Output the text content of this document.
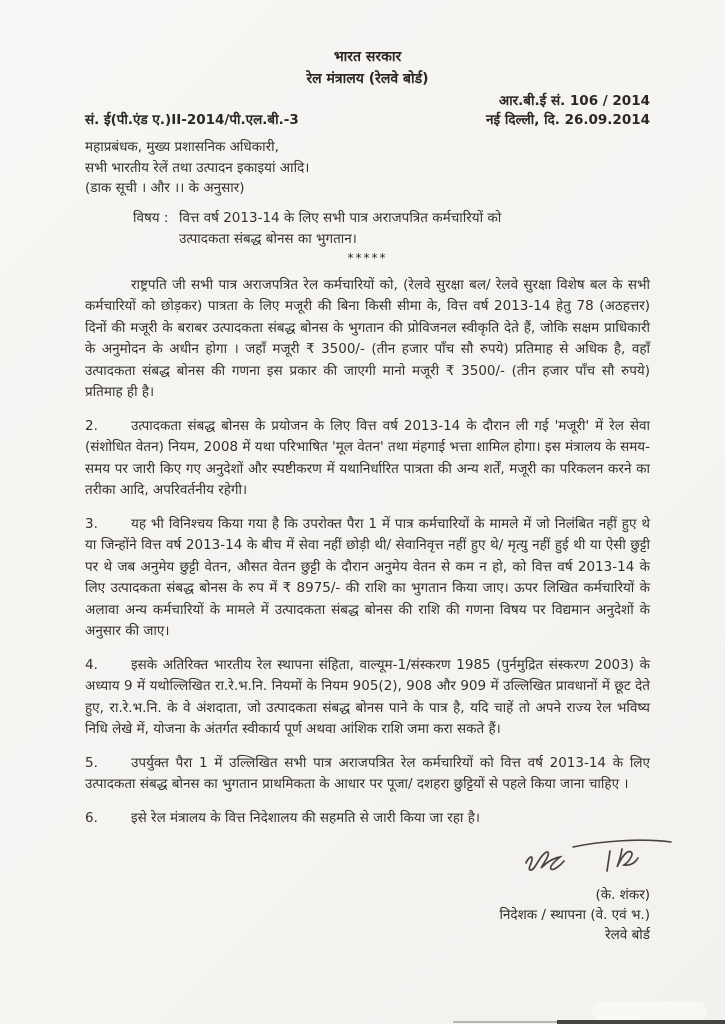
भारत सरकार
रेल मंत्रालय (रेलवे बोर्ड)
आर.बी.ई सं. 106 / 2014
सं. ई(पी.एंड ए.)II-2014/पी.एल.बी.-3	नई दिल्ली, दि. 26.09.2014
महाप्रबंधक, मुख्य प्रशासनिक अधिकारी,
सभी भारतीय रेलें तथा उत्पादन इकाइयां आदि।
(डाक सूची । और ।। के अनुसार)
विषय : वित्त वर्ष 2013-14 के लिए सभी पात्र अराजपत्रित कर्मचारियों को
उत्पादकता संबद्ध बोनस का भुगतान।
*****

राष्ट्रपति जी सभी पात्र अराजपत्रित रेल कर्मचारियों को, (रेलवे सुरक्षा बल/ रेलवे सुरक्षा विशेष बल के सभी कर्मचारियों को छोड़कर) पात्रता के लिए मजूरी की बिना किसी सीमा के, वित्त वर्ष 2013-14 हेतु 78 (अठहत्तर) दिनों की मजूरी के बराबर उत्पादकता संबद्ध बोनस के भुगतान की प्रोविजनल स्वीकृति देते हैं, जोकि सक्षम प्राधिकारी के अनुमोदन के अधीन होगा । जहाँ मजूरी ₹ 3500/- (तीन हजार पाँच सौ रुपये) प्रतिमाह से अधिक है, वहाँ उत्पादकता संबद्ध बोनस की गणना इस प्रकार की जाएगी मानो मजूरी ₹ 3500/- (तीन हजार पाँच सौ रुपये) प्रतिमाह ही है।

2. उत्पादकता संबद्ध बोनस के प्रयोजन के लिए वित्त वर्ष 2013-14 के दौरान ली गई 'मजूरी' में रेल सेवा (संशोधित वेतन) नियम, 2008 में यथा परिभाषित 'मूल वेतन' तथा मंहगाई भत्ता शामिल होगा। इस मंत्रालय के समय-समय पर जारी किए गए अनुदेशों और स्पष्टीकरण में यथानिर्धारित पात्रता की अन्य शर्तें, मजूरी का परिकलन करने का तरीका आदि, अपरिवर्तनीय रहेगी।

3. यह भी विनिश्चय किया गया है कि उपरोक्त पैरा 1 में पात्र कर्मचारियों के मामले में जो निलंबित नहीं हुए थे या जिन्होंने वित्त वर्ष 2013-14 के बीच में सेवा नहीं छोड़ी थी/ सेवानिवृत्त नहीं हुए थे/ मृत्यु नहीं हुई थी या ऐसी छुट्टी पर थे जब अनुमेय छुट्टी वेतन, औसत वेतन छुट्टी के दौरान अनुमेय वेतन से कम न हो, को वित्त वर्ष 2013-14 के लिए उत्पादकता संबद्ध बोनस के रुप में ₹ 8975/- की राशि का भुगतान किया जाए। ऊपर लिखित कर्मचारियों के अलावा अन्य कर्मचारियों के मामले में उत्पादकता संबद्ध बोनस की राशि की गणना विषय पर विद्यमान अनुदेशों के अनुसार की जाए।

4. इसके अतिरिक्त भारतीय रेल स्थापना संहिता, वाल्यूम-1/संस्करण 1985 (पुर्नमुद्रित संस्करण 2003) के अध्याय 9 में यथोल्लिखित रा.रे.भ.नि. नियमों के नियम 905(2), 908 और 909 में उल्लिखित प्रावधानों में छूट देते हुए, रा.रे.भ.नि. के वे अंशदाता, जो उत्पादकता संबद्ध बोनस पाने के पात्र है, यदि चाहें तो अपने राज्य रेल भविष्य निधि लेखे में, योजना के अंतर्गत स्वीकार्य पूर्ण अथवा आंशिक राशि जमा करा सकते हैं।

5. उपर्युक्त पैरा 1 में उल्लिखित सभी पात्र अराजपत्रित रेल कर्मचारियों को वित्त वर्ष 2013-14 के लिए उत्पादकता संबद्ध बोनस का भुगतान प्राथमिकता के आधार पर पूजा/ दशहरा छुट्टियों से पहले किया जाना चाहिए ।

6. इसे रेल मंत्रालय के वित्त निदेशालय की सहमति से जारी किया जा रहा है।

(के. शंकर)
निदेशक / स्थापना (वे. एवं भ.)
रेलवे बोर्ड
